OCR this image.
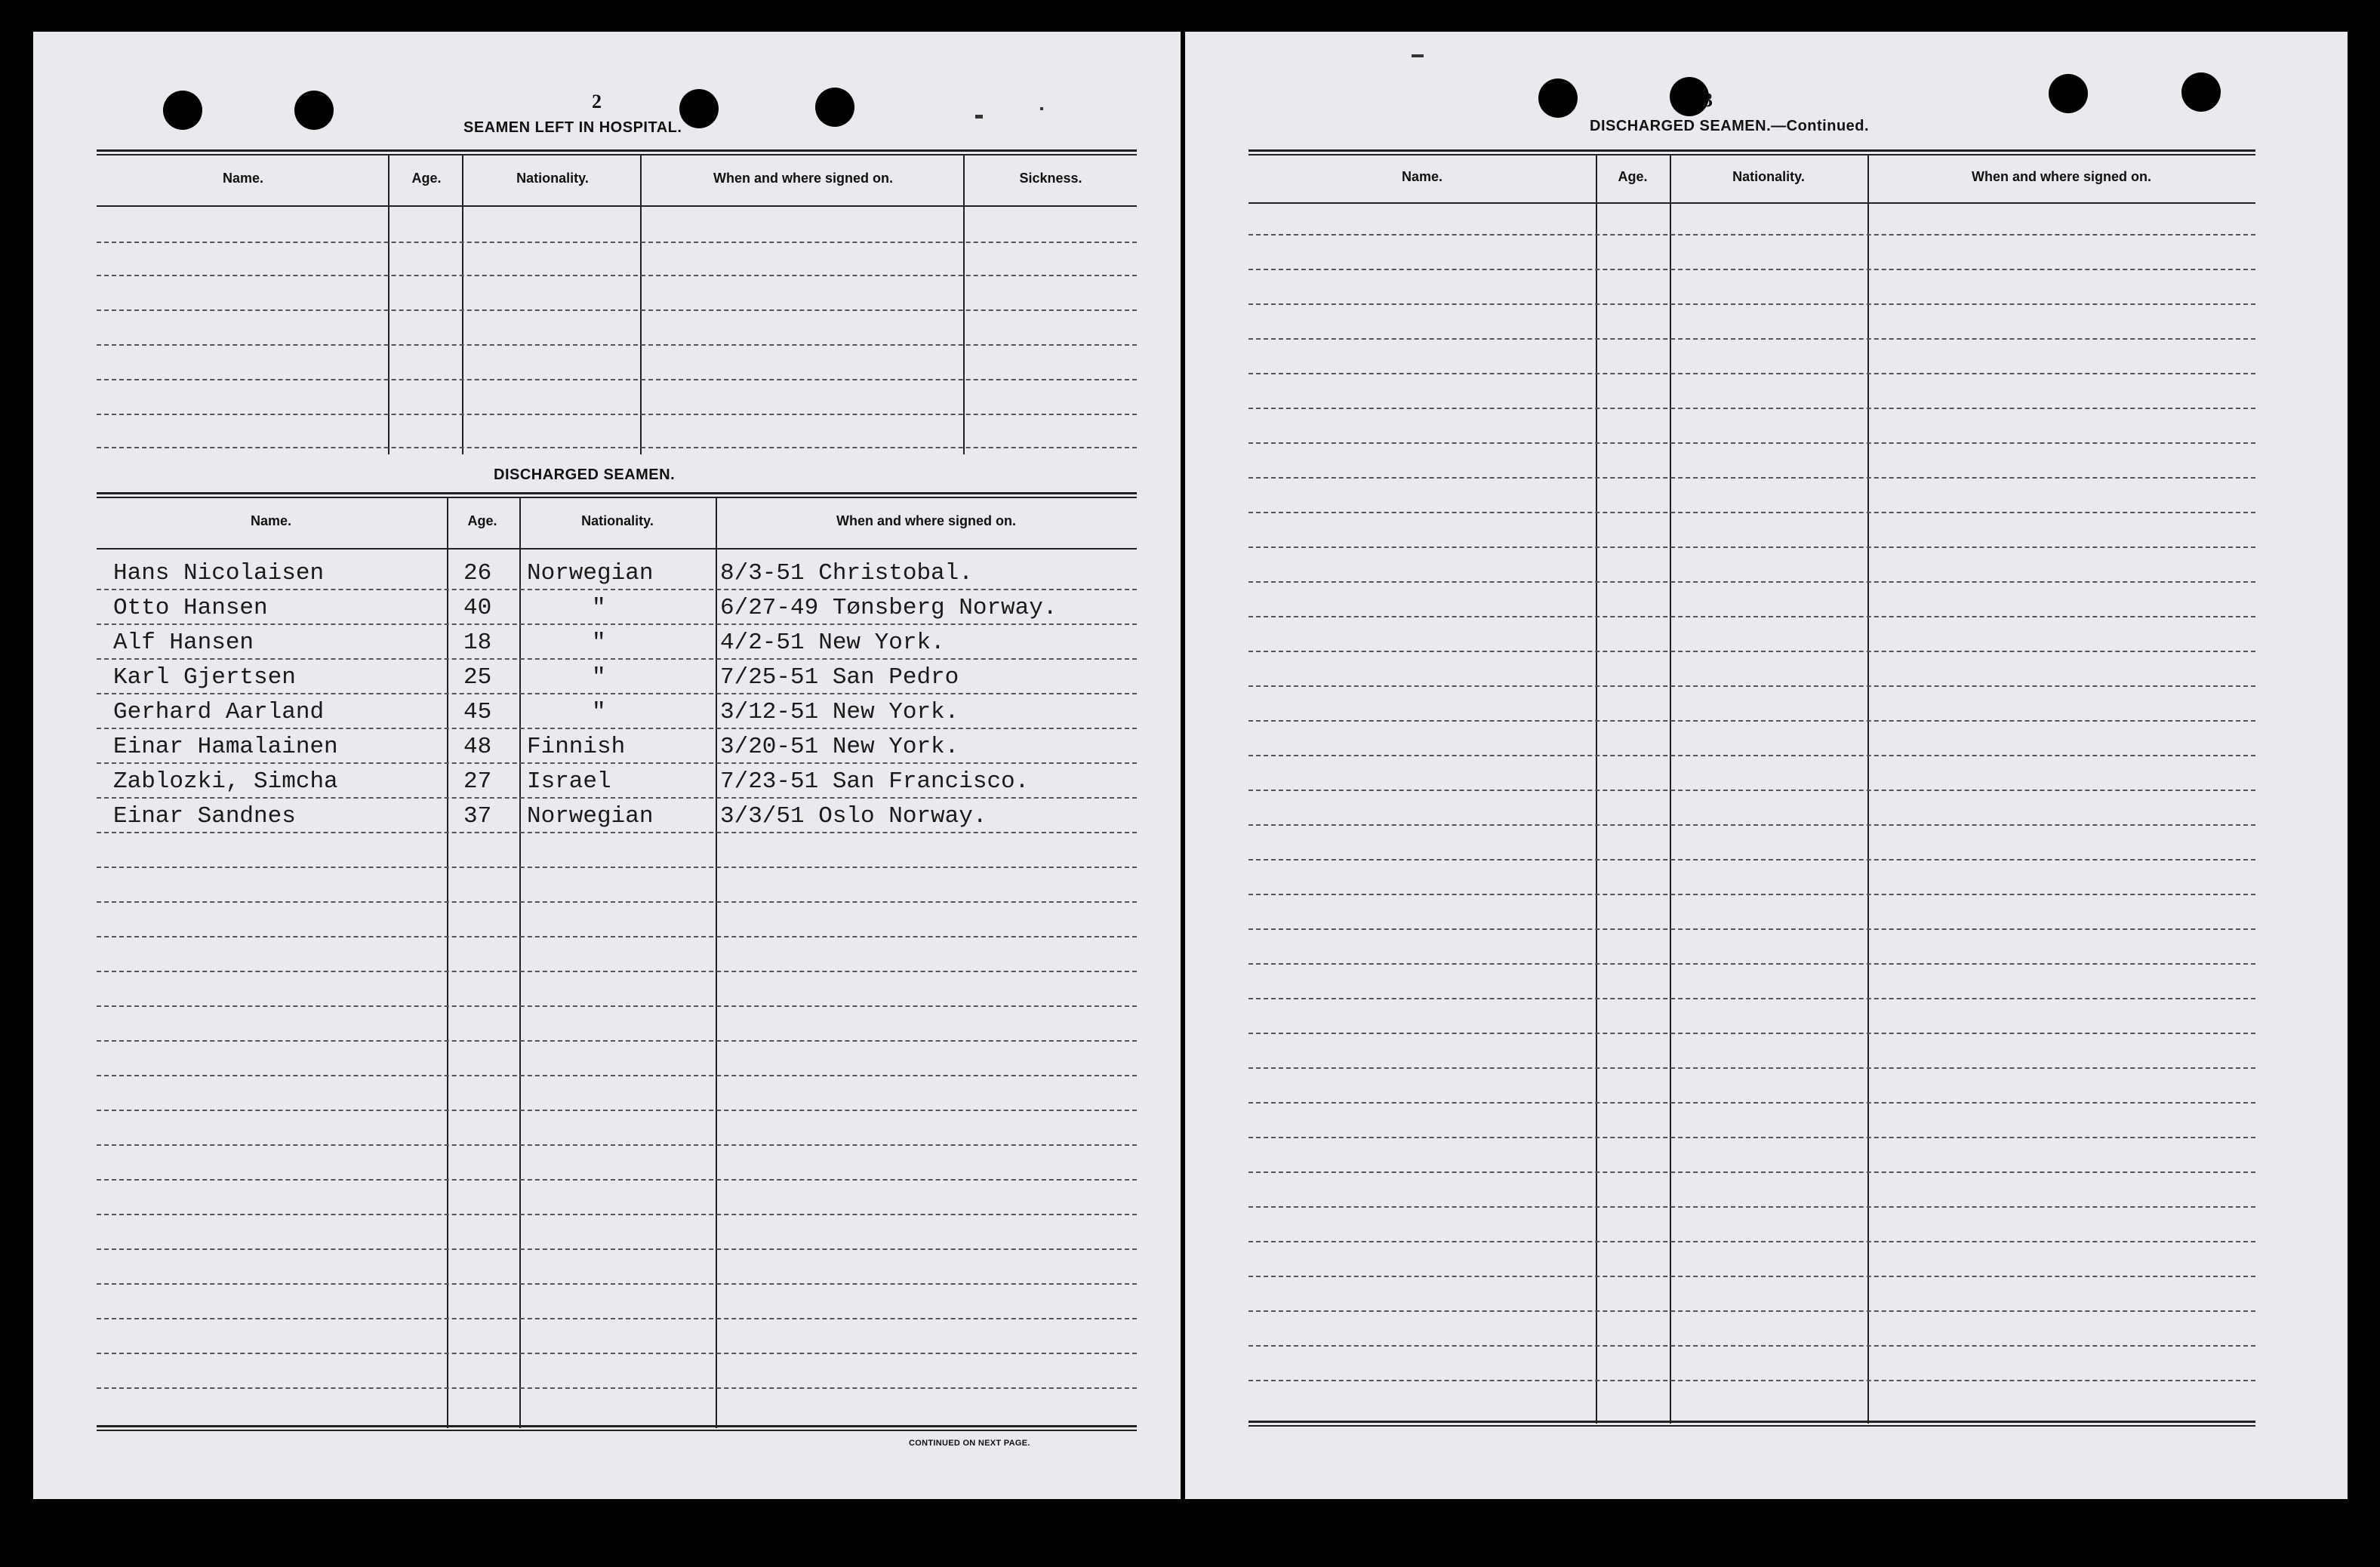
2
SEAMEN LEFT IN HOSPITAL.
Name.	Age.	Nationality.	When and where signed on.	Sickness.
DISCHARGED SEAMEN.
Name.	Age.	Nationality.	When and where signed on.
Hans Nicolaisen	26 Norwegian	8/3-51 Christobal.
Otto Hansen	40	"	6/27-49 Tønsberg Norway.
Alf Hansen	18	"	4/2-51 New York.
Karl Gjertsen	25	"	7/25-51 San Pedro
Gerhard Aarland	45	"	3/12-51 New York.
Einar Hamalainen	48 Finnish	3/20-51 New York.
Zablozki, Simcha	27 Israel	7/23-51 San Francisco.
Einar Sandnes	37 Norwegian	3/3/51 Oslo Norway.
CONTINUED ON NEXT PAGE.
3
DISCHARGED SEAMEN.—Continued.
Name.	Age.	Nationality.	When and where signed on.
